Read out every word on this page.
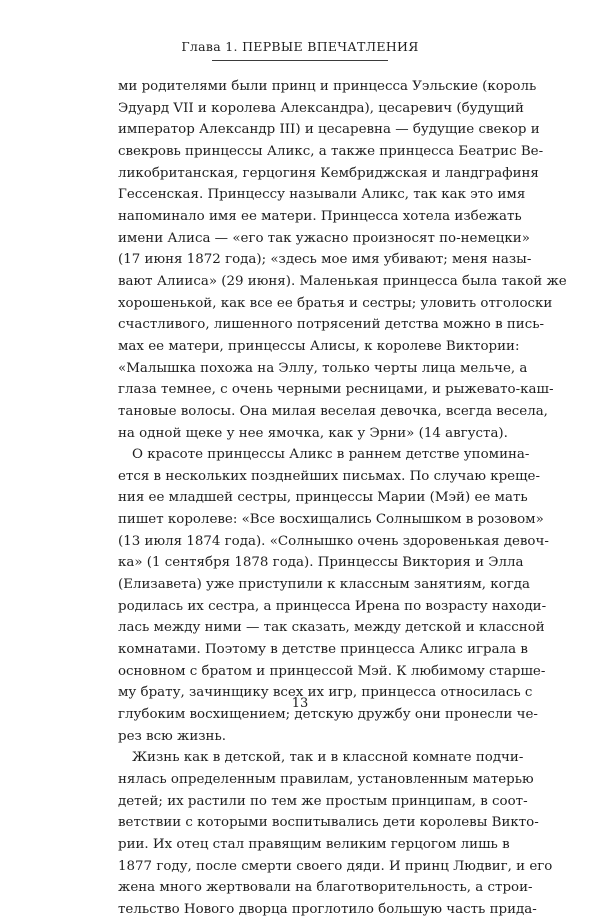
Глава 1. ПЕРВЫЕ ВПЕЧАТЛЕНИЯ

ми родителями были принц и принцесса Уэльские (король
Эдуард VII и королева Александра), цесаревич (будущий
император Александр III) и цесаревна — будущие свекор и
свекровь принцессы Аликс, а также принцесса Беатрис Ве-
ликобританская, герцогиня Кембриджская и ландграфиня
Гессенская. Принцессу называли Аликс, так как это имя
напоминало имя ее матери. Принцесса хотела избежать
имени Алиса — «его так ужасно произносят по-немецки»
(17 июня 1872 года); «здесь мое имя убивают; меня назы-
вают Алииса» (29 июня). Маленькая принцесса была такой же
хорошенькой, как все ее братья и сестры; уловить отголоски
счастливого, лишенного потрясений детства можно в пись-
мах ее матери, принцессы Алисы, к королеве Виктории:
«Малышка похожа на Эллу, только черты лица мельче, а
глаза темнее, с очень черными ресницами, и рыжевато-каш-
тановые волосы. Она милая веселая девочка, всегда весела,
на одной щеке у нее ямочка, как у Эрни» (14 августа).

О красоте принцессы Аликс в раннем детстве упомина-
ется в нескольких позднейших письмах. По случаю крещe-
ния ее младшей сестры, принцессы Марии (Мэй) ее мать
пишет королеве: «Все восхищались Солнышком в розовом»
(13 июля 1874 года). «Солнышко очень здоровенькая девоч-
ка» (1 сентября 1878 года). Принцессы Виктория и Элла
(Елизавета) уже приступили к классным занятиям, когда
родилась их сестра, а принцесса Ирена по возрасту находи-
лась между ними — так сказать, между детской и классной
комнатами. Поэтому в детстве принцесса Аликс играла в
основном с братом и принцессой Мэй. К любимому старше-
му брату, зачинщику всех их игр, принцесса относилась с
глубоким восхищением; детскую дружбу они пронесли че-
рез всю жизнь.

Жизнь как в детской, так и в классной комнате подчи-
нялась определенным правилам, установленным матерью
детей; их растили по тем же простым принципам, в соот-
ветствии с которыми воспитывались дети королевы Викто-
рии. Их отец стал правящим великим герцогом лишь в
1877 году, после смерти своего дяди. И принц Людвиг, и его
жена много жертвовали на благотворительность, а строи-
тельство Нового дворца проглотило большую часть прида-

13
